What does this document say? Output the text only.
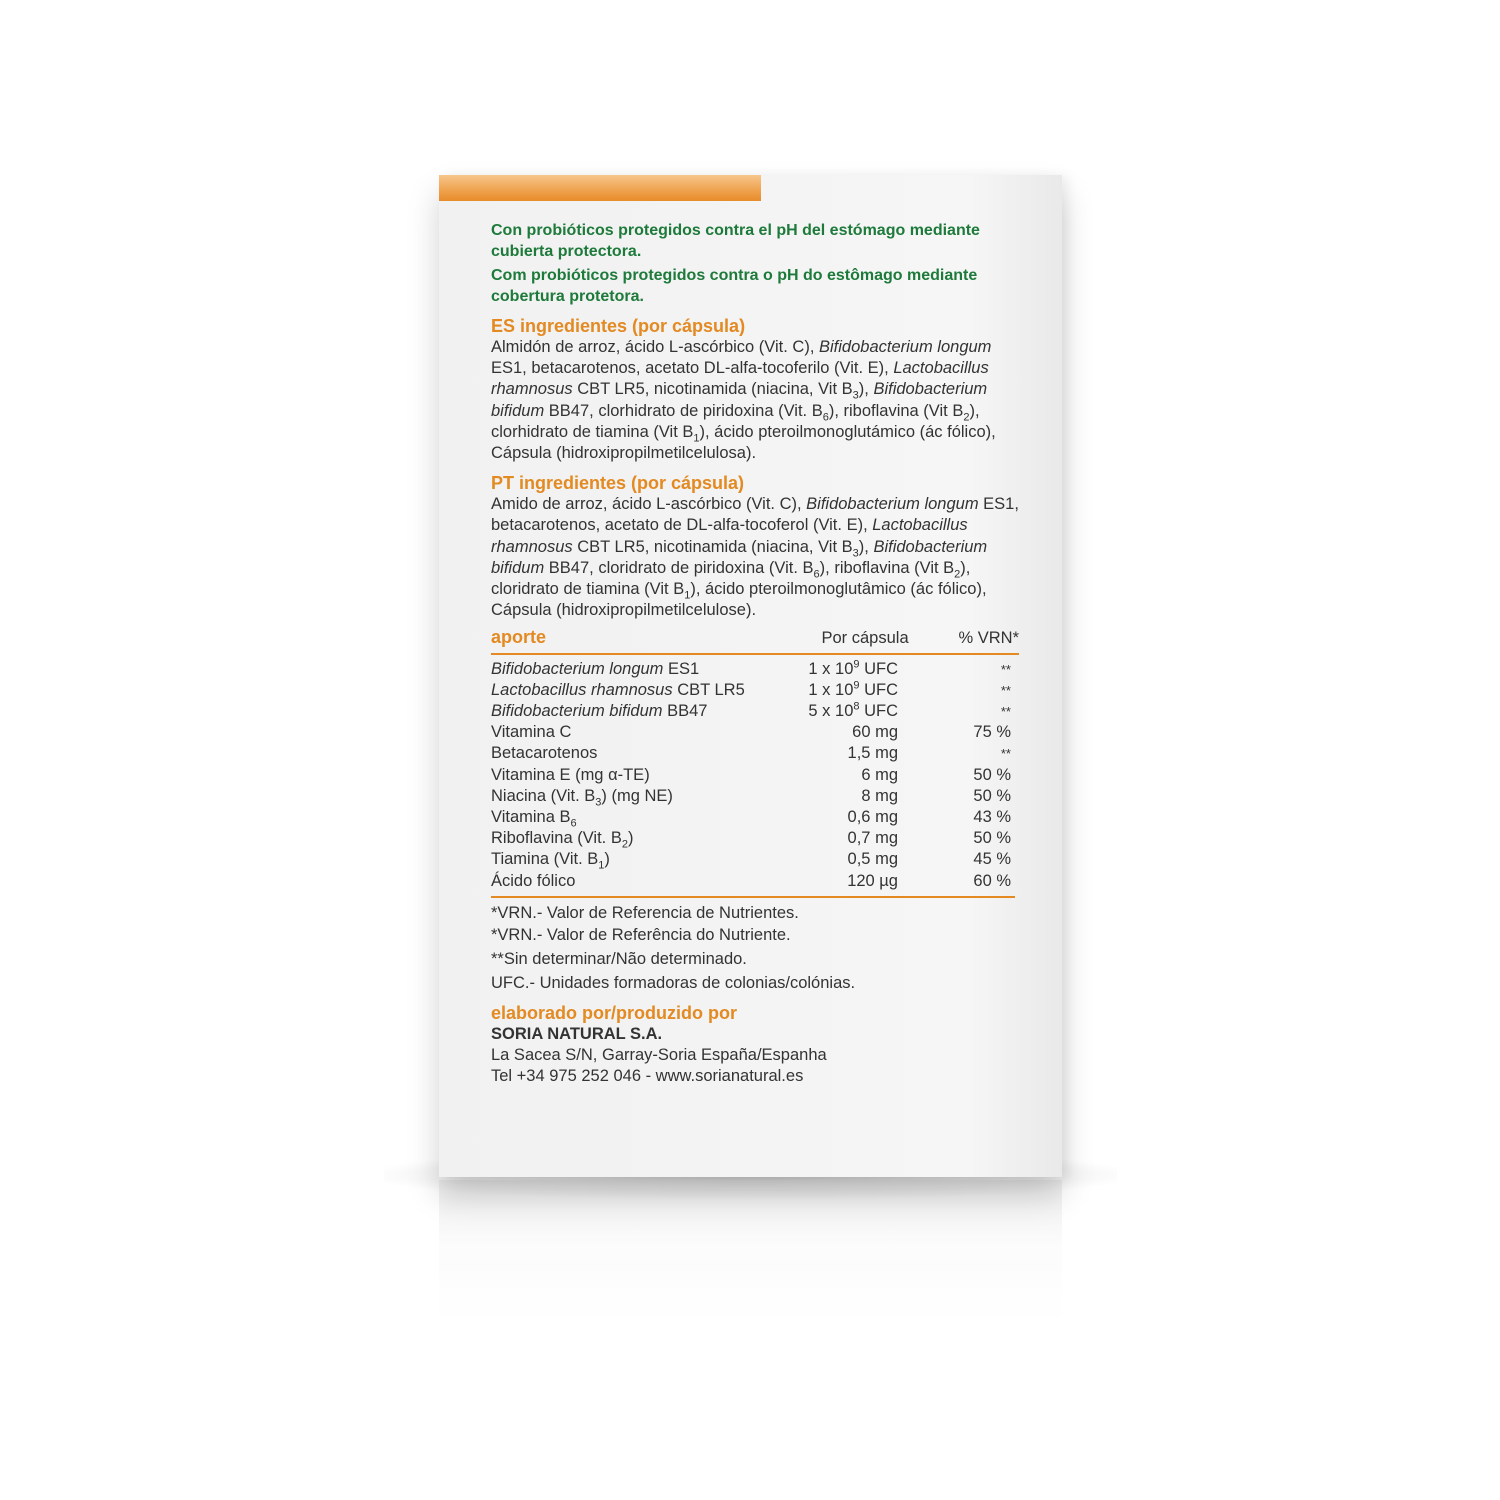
Con probióticos protegidos contra el pH del estómago mediante cubierta protectora.
Com probióticos protegidos contra o pH do estômago mediante cobertura protetora.
ES ingredientes (por cápsula)
Almidón de arroz, ácido L-ascórbico (Vit. C), Bifidobacterium longum ES1, betacarotenos, acetato DL-alfa-tocoferilo (Vit. E), Lactobacillus rhamnosus CBT LR5, nicotinamida (niacina, Vit $B_3$), Bifidobacterium bifidum BB47, clorhidrato de piridoxina (Vit. $B_6$), riboflavina (Vit $B_2$), clorhidrato de tiamina (Vit $B_1$), ácido pteroilmonoglutámico (ác fólico), Cápsula (hidroxipropilmetilcelulosa).
PT ingredientes (por cápsula)
Amido de arroz, ácido L-ascórbico (Vit. C), Bifidobacterium longum ES1, betacarotenos, acetato de DL-alfa-tocoferol (Vit. E), Lactobacillus rhamnosus CBT LR5, nicotinamida (niacina, Vit $B_3$), Bifidobacterium bifidum BB47, cloridrato de piridoxina (Vit. $B_6$), riboflavina (Vit $B_2$), cloridrato de tiamina (Vit $B_1$), ácido pteroilmonoglutâmico (ác fólico), Cápsula (hidroxipropilmetilcelulose).
aporte	Por cápsula	% VRN*
Bifidobacterium longum ES1	1 x $10^9$ UFC	**
Lactobacillus rhamnosus CBT LR5	1 x $10^9$ UFC	**
Bifidobacterium bifidum BB47	5 x $10^8$ UFC	**
Vitamina C	60 mg	75 %
Betacarotenos	1,5 mg	**
Vitamina E (mg α-TE)	6 mg	50 %
Niacina (Vit. $B_3$) (mg NE)	8 mg	50 %
Vitamina $B_6$	0,6 mg	43 %
Riboflavina (Vit. $B_2$)	0,7 mg	50 %
Tiamina (Vit. $B_1$)	0,5 mg	45 %
Ácido fólico	120 µg	60 %
*VRN.- Valor de Referencia de Nutrientes.
*VRN.- Valor de Referência do Nutriente.
**Sin determinar/Não determinado.
UFC.- Unidades formadoras de colonias/colónias.
elaborado por/produzido por
SORIA NATURAL S.A.
La Sacea S/N, Garray-Soria España/Espanha
Tel +34 975 252 046 - www.sorianatural.es
